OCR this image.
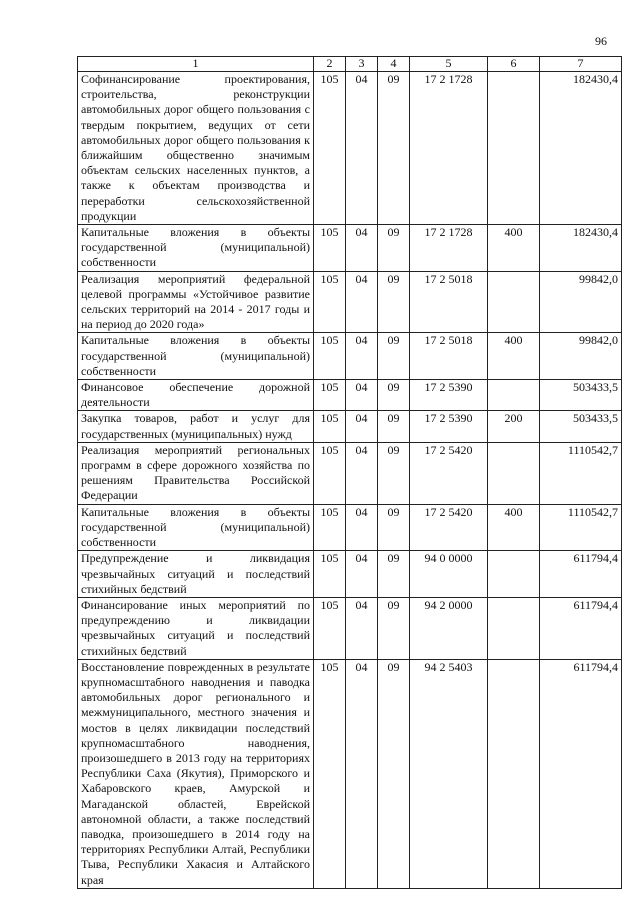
96
1	2	3	4	5	6	7
Софинансирование проектирования, строительства, реконструкции автомобильных дорог общего пользования с твердым покрытием, ведущих от сети автомобильных дорог общего пользования к ближайшим общественно значимым объектам сельских населенных пунктов, а также к объектам производства и переработки сельскохозяйственной продукции	105	04	09	17 2 1728		182430,4
Капитальные вложения в объекты государственной (муниципальной) собственности	105	04	09	17 2 1728	400	182430,4
Реализация мероприятий федеральной целевой программы «Устойчивое развитие сельских территорий на 2014 - 2017 годы и на период до 2020 года»	105	04	09	17 2 5018		99842,0
Капитальные вложения в объекты государственной (муниципальной) собственности	105	04	09	17 2 5018	400	99842,0
Финансовое обеспечение дорожной деятельности	105	04	09	17 2 5390		503433,5
Закупка товаров, работ и услуг для государственных (муниципальных) нужд	105	04	09	17 2 5390	200	503433,5
Реализация мероприятий региональных программ в сфере дорожного хозяйства по решениям Правительства Российской Федерации	105	04	09	17 2 5420		1110542,7
Капитальные вложения в объекты государственной (муниципальной) собственности	105	04	09	17 2 5420	400	1110542,7
Предупреждение и ликвидация чрезвычайных ситуаций и последствий стихийных бедствий	105	04	09	94 0 0000		611794,4
Финансирование иных мероприятий по предупреждению и ликвидации чрезвычайных ситуаций и последствий стихийных бедствий	105	04	09	94 2 0000		611794,4
Восстановление поврежденных в результате крупномасштабного наводнения и паводка автомобильных дорог регионального и межмуниципального, местного значения и мостов в целях ликвидации последствий крупномасштабного наводнения, произошедшего в 2013 году на территориях Республики Саха (Якутия), Приморского и Хабаровского краев, Амурской и Магаданской областей, Еврейской автономной области, а также последствий паводка, произошедшего в 2014 году на территориях Республики Алтай, Республики Тыва, Республики Хакасия и Алтайского края	105	04	09	94 2 5403		611794,4
